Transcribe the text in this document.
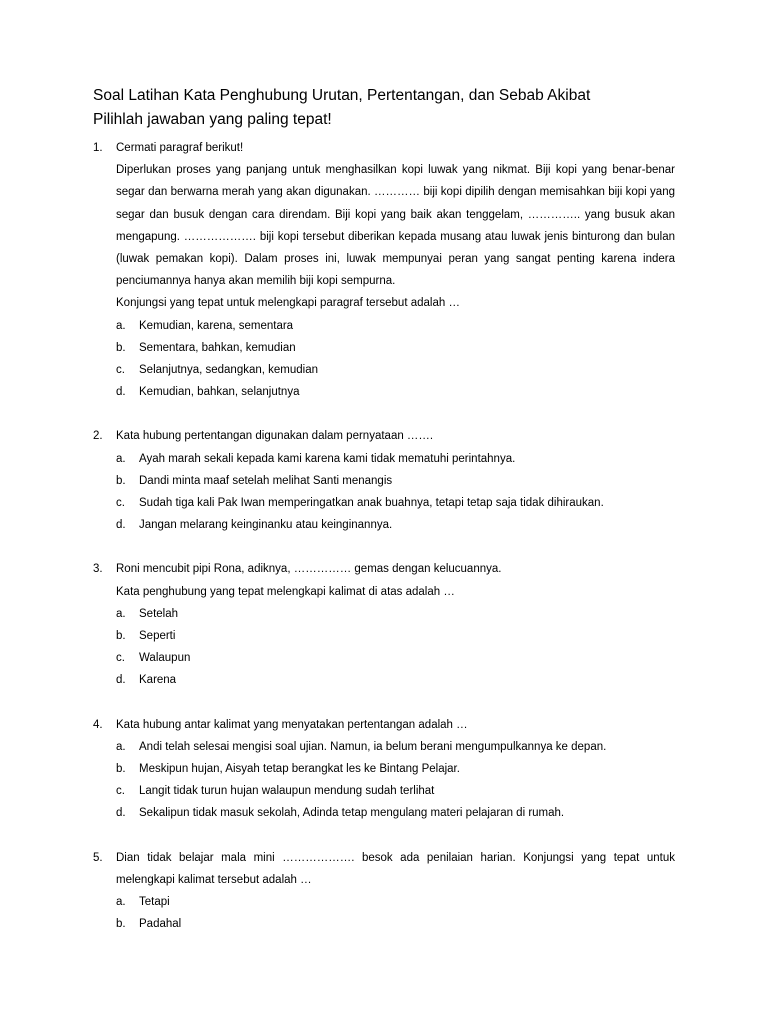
Soal Latihan Kata Penghubung Urutan, Pertentangan, dan Sebab Akibat
Pilihlah jawaban yang paling tepat!
1.	Cermati paragraf berikut!

Diperlukan proses yang panjang untuk menghasilkan kopi luwak yang nikmat. Biji kopi yang benar-benar segar dan berwarna merah yang akan digunakan. ………… biji kopi dipilih dengan memisahkan biji kopi yang segar dan busuk dengan cara direndam. Biji kopi yang baik akan tenggelam, ………….. yang busuk akan mengapung. ………………. biji kopi tersebut diberikan kepada musang atau luwak jenis binturong dan bulan (luwak pemakan kopi). Dalam proses ini, luwak mempunyai peran yang sangat penting karena indera penciumannya hanya akan memilih biji kopi sempurna.

Konjungsi yang tepat untuk melengkapi paragraf tersebut adalah …

a.	Kemudian, karena, sementara
b.	Sementara, bahkan, kemudian
c.	Selanjutnya, sedangkan, kemudian
d.	Kemudian, bahkan, selanjutnya
2.	Kata hubung pertentangan digunakan dalam pernyataan …….

a.	Ayah marah sekali kepada kami karena kami tidak mematuhi perintahnya.
b.	Dandi minta maaf setelah melihat Santi menangis
c.	Sudah tiga kali Pak Iwan memperingatkan anak buahnya, tetapi tetap saja tidak dihiraukan.
d.	Jangan melarang keinginanku atau keinginannya.
3.	Roni mencubit pipi Rona, adiknya, …………… gemas dengan kelucuannya.

Kata penghubung yang tepat melengkapi kalimat di atas adalah …

a.	Setelah
b.	Seperti
c.	Walaupun
d.	Karena
4.	Kata hubung antar kalimat yang menyatakan pertentangan adalah …

a.	Andi telah selesai mengisi soal ujian. Namun, ia belum berani mengumpulkannya ke depan.
b.	Meskipun hujan, Aisyah tetap berangkat les ke Bintang Pelajar.
c.	Langit tidak turun hujan walaupun mendung sudah terlihat
d.	Sekalipun tidak masuk sekolah, Adinda tetap mengulang materi pelajaran di rumah.
5.	Dian tidak belajar mala mini ………………. besok ada penilaian harian. Konjungsi yang tepat untuk melengkapi kalimat tersebut adalah …

a.	Tetapi
b.	Padahal
